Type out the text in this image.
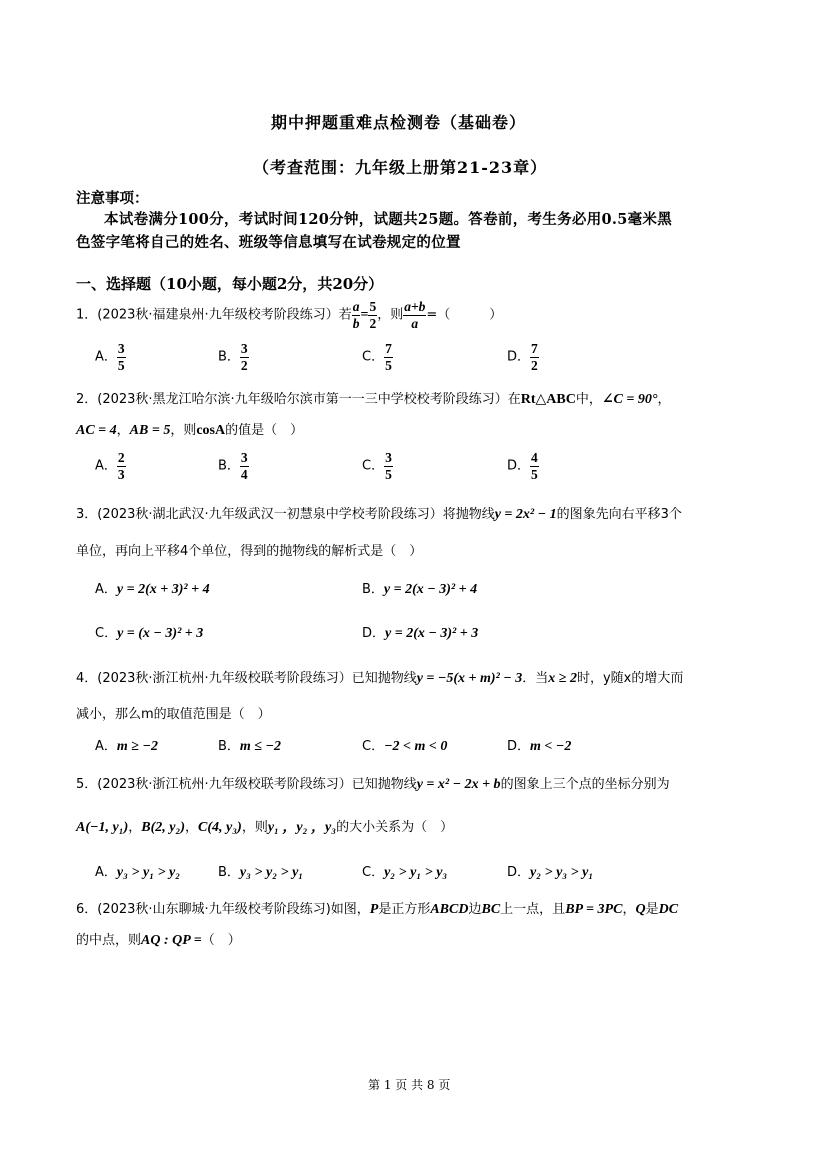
期中押题重难点检测卷（基础卷）
（考查范围：九年级上册第21-23章）
注意事项：
本试卷满分100分，考试时间120分钟，试题共25题。答卷前，考生务必用0.5毫米黑
色签字笔将自己的姓名、班级等信息填写在试卷规定的位置
一、选择题（10小题，每小题2分，共20分）
1．(2023秋·福建泉州·九年级校考阶段练习）若 $\frac{a}{b} = \frac{5}{2}$ ，则 $\frac{a+b}{a}$ =（　　　）
A． $\frac{3}{5}$	B． $\frac{3}{2}$	C． $\frac{7}{5}$	D． $\frac{7}{2}$
2．(2023秋·黑龙江哈尔滨·九年级哈尔滨市第一一三中学校校考阶段练习）在Rt△ABC中，∠C = 90°，
AC = 4，AB = 5，则cosA的值是（　）
A． $\frac{2}{3}$	B． $\frac{3}{4}$	C． $\frac{3}{5}$	D． $\frac{4}{5}$
3．(2023秋·湖北武汉·九年级武汉一初慧泉中学校考阶段练习）将抛物线y = 2x² − 1的图象先向右平移3个
单位，再向上平移4个单位，得到的抛物线的解析式是（　）
A．y = 2(x + 3)² + 4	B．y = 2(x − 3)² + 4
C．y = (x − 3)² + 3	D．y = 2(x − 3)² + 3
4．(2023秋·浙江杭州·九年级校联考阶段练习）已知抛物线y = −5(x + m)² − 3．当x ≥ 2时，y随x的增大而
减小，那么m的取值范围是（　）
A．m ≥ −2	B．m ≤ −2	C．−2 < m < 0	D．m < −2
5．(2023秋·浙江杭州·九年级校联考阶段练习）已知抛物线y = x² − 2x + b的图象上三个点的坐标分别为
A(−1, y₁)，B(2, y₂)，C(4, y₃)，则y₁ ，y₂ ，y₃的大小关系为（　）
A．y₃ > y₁ > y₂	B．y₃ > y₂ > y₁	C．y₂ > y₁ > y₃	D．y₂ > y₃ > y₁
6．(2023秋·山东聊城·九年级校考阶段练习)如图，P是正方形ABCD边BC上一点，且BP = 3PC，Q是DC
的中点，则AQ : QP =（　）
第 1 页 共 8 页
